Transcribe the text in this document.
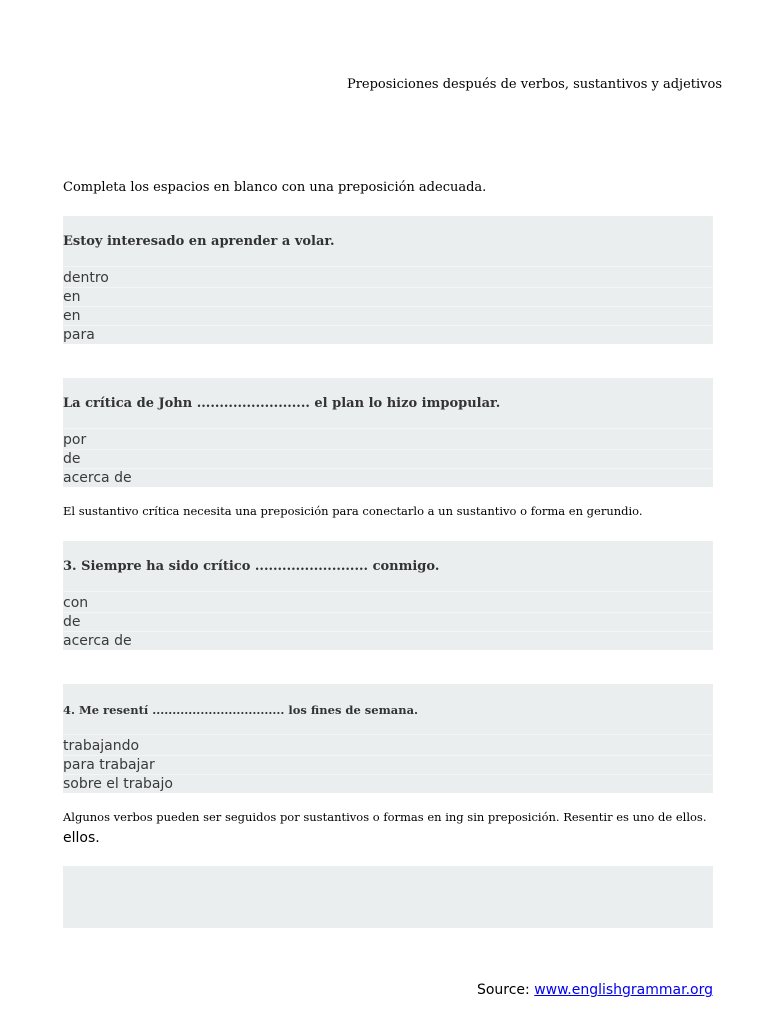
Preposiciones después de verbos, sustantivos y adjetivos
Completa los espacios en blanco con una preposición adecuada.
Estoy interesado en aprender a volar.
dentro
en
en
para
La crítica de John ......................... el plan lo hizo impopular.
por
de
acerca de
El sustantivo crítica necesita una preposición para conectarlo a un sustantivo o forma en gerundio.
3. Siempre ha sido crítico ......................... conmigo.
con
de
acerca de
4. Me resentí ................................. los fines de semana.
trabajando
para trabajar
sobre el trabajo
Algunos verbos pueden ser seguidos por sustantivos o formas en ing sin preposición. Resentir es uno de ellos.
ellos.
Source: www.englishgrammar.org
